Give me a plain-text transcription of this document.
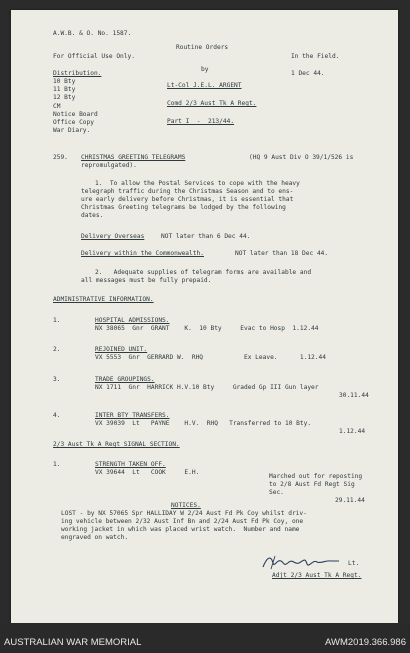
A.W.B. & O. No. 1587.
For Official Use Only.
Distribution.
10 Bty
11 Bty
12 Bty
CM
Notice Board
Office Copy
War Diary.
Routine Orders
by
Lt-Col J.E.L. ARGENT
Comd 2/3 Aust Tk A Regt.
Part I  -  213/44.
In the Field.
1 Dec 44.
259. CHRISTMAS GREETING TELEGRAMS	(HQ 9 Aust Div O 39/1/526 is
repromulgated).
1.  To allow the Postal Services to cope with the heavy
telegraph traffic during the Christmas Season and to ens-
ure early delivery before Christmas, it is essential that
Christmas Greeting telegrams be lodged by the following
dates.
Delivery Overseas	NOT later than 6 Dec 44.
Delivery within the Commonwealth.	NOT later than 18 Dec 44.
2.   Adequate supplies of telegram forms are available and
all messages must be fully prepaid.
ADMINISTRATIVE INFORMATION.
1.	HOSPITAL ADMISSIONS.
NX 38065  Gnr  GRANT    K.  10 Bty     Evac to Hosp  1.12.44
2.	REJOINED UNIT.
VX 5553  Gnr  GERRARD W.  RHQ           Ex Leave.      1.12.44
3.	TRADE GROUPINGS.
NX 1711  Gnr  HARRICK H.V.10 Bty     Graded Gp III Gun layer
30.11.44
4.	INTER BTY TRANSFERS.
VX 39039  Lt   PAYNE    H.V.  RHQ   Transferred to 10 Bty.
1.12.44
2/3 Aust Tk A Regt SIGNAL SECTION.
1.	STRENGTH TAKEN OFF.
VX 39644  Lt   COOK     E.H.
Marched out for reposting
to 2/8 Aust Fd Regt Sig
Sec.
29.11.44
NOTICES.
LOST - by NX 57065 Spr HALLIDAY W 2/24 Aust Fd Pk Coy whilst driv-
ing vehicle between 2/32 Aust Inf Bn and 2/24 Aust Fd Pk Coy, one
working jacket in which was placed wrist watch.  Number and name
engraved on watch.
Lt.
Adjt 2/3 Aust Tk A Regt.
AUSTRALIAN WAR MEMORIAL	AWM2019.366.986
